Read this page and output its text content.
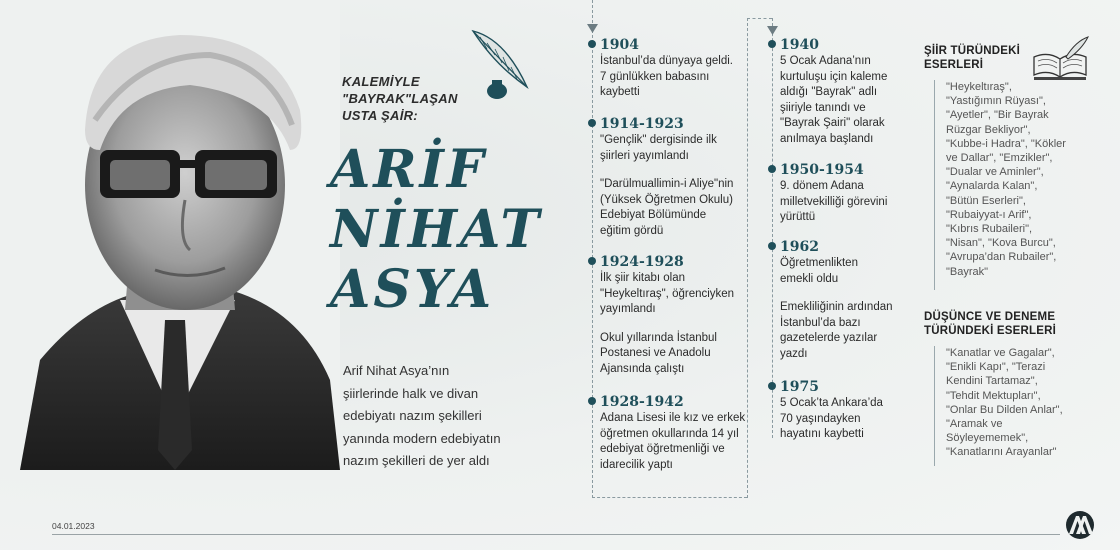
KALEMİYLE
"BAYRAK"LAŞAN
USTA ŞAİR:
ARİF
NİHAT
ASYA
Arif Nihat Asya’nın
şiirlerinde halk ve divan
edebiyatı nazım şekilleri
yanında modern edebiyatın
nazım şekilleri de yer aldı
1904

İstanbul’da dünyaya geldi.
7 günlükken babasını
kaybetti

1914-1923

"Gençlik" dergisinde ilk
şiirleri yayımlandı

"Darülmuallimin-i Aliye"nin
(Yüksek Öğretmen Okulu)
Edebiyat Bölümünde
eğitim gördü

1924-1928

İlk şiir kitabı olan
"Heykeltıraş", öğrenciyken
yayımlandı

Okul yıllarında İstanbul
Postanesi ve Anadolu
Ajansında çalıştı

1928-1942

Adana Lisesi ile kız ve erkek
öğretmen okullarında 14 yıl
edebiyat öğretmenliği ve
idarecilik yaptı

1940

5 Ocak Adana’nın
kurtuluşu için kaleme
aldığı "Bayrak" adlı
şiiriyle tanındı ve
"Bayrak Şairi" olarak
anılmaya başlandı

1950-1954

9. dönem Adana
milletvekilliği görevini
yürüttü

1962

Öğretmenlikten
emekli oldu

Emekliliğinin ardından
İstanbul’da bazı
gazetelerde yazılar
yazdı

1975

5 Ocak’ta Ankara’da
70 yaşındayken
hayatını kaybetti

ŞİİR TÜRÜNDEKİ
ESERLERİ
"Heykeltıraş",
"Yastığımın Rüyası",
"Ayetler", "Bir Bayrak
Rüzgar Bekliyor",
"Kubbe-i Hadra", "Kökler
ve Dallar", "Emzikler",
"Dualar ve Aminler",
"Aynalarda Kalan",
"Bütün Eserleri",
"Rubaiyyat-ı Arif",
"Kıbrıs Rubaileri",
"Nisan", "Kova Burcu",
"Avrupa’dan Rubailer",
"Bayrak"
DÜŞÜNCE VE DENEME
TÜRÜNDEKİ ESERLERİ
"Kanatlar ve Gagalar",
"Enikli Kapı", "Terazi
Kendini Tartamaz",
"Tehdit Mektupları",
"Onlar Bu Dilden Anlar",
"Aramak ve
Söyleyememek",
"Kanatlarını Arayanlar"
04.01.2023
